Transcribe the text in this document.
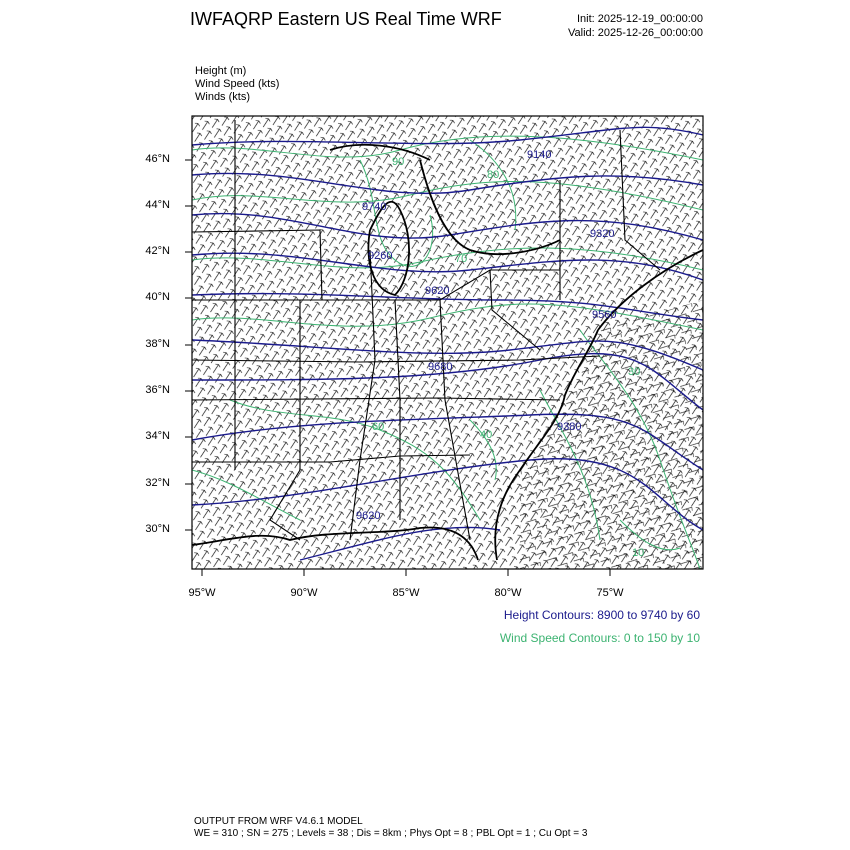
IWFAQRP Eastern US Real Time WRF	Init: 2025-12-19_00:00:00
Valid: 2025-12-26_00:00:00
Height (m)
Wind Speed (kts)
Winds (kts)
9140
9740
9320
9260
9620
9560
9680
9380
9620
90
80
70
30
40
60
10
46°N
44°N
42°N
40°N
38°N
36°N
34°N
32°N
30°N
95°W	90°W	85°W	80°W	75°W
Height Contours: 8900 to 9740 by 60
Wind Speed Contours: 0 to 150 by 10
OUTPUT FROM WRF V4.6.1 MODEL
WE = 310 ; SN = 275 ; Levels = 38 ; Dis = 8km ; Phys Opt = 8 ; PBL Opt = 1 ; Cu Opt = 3
